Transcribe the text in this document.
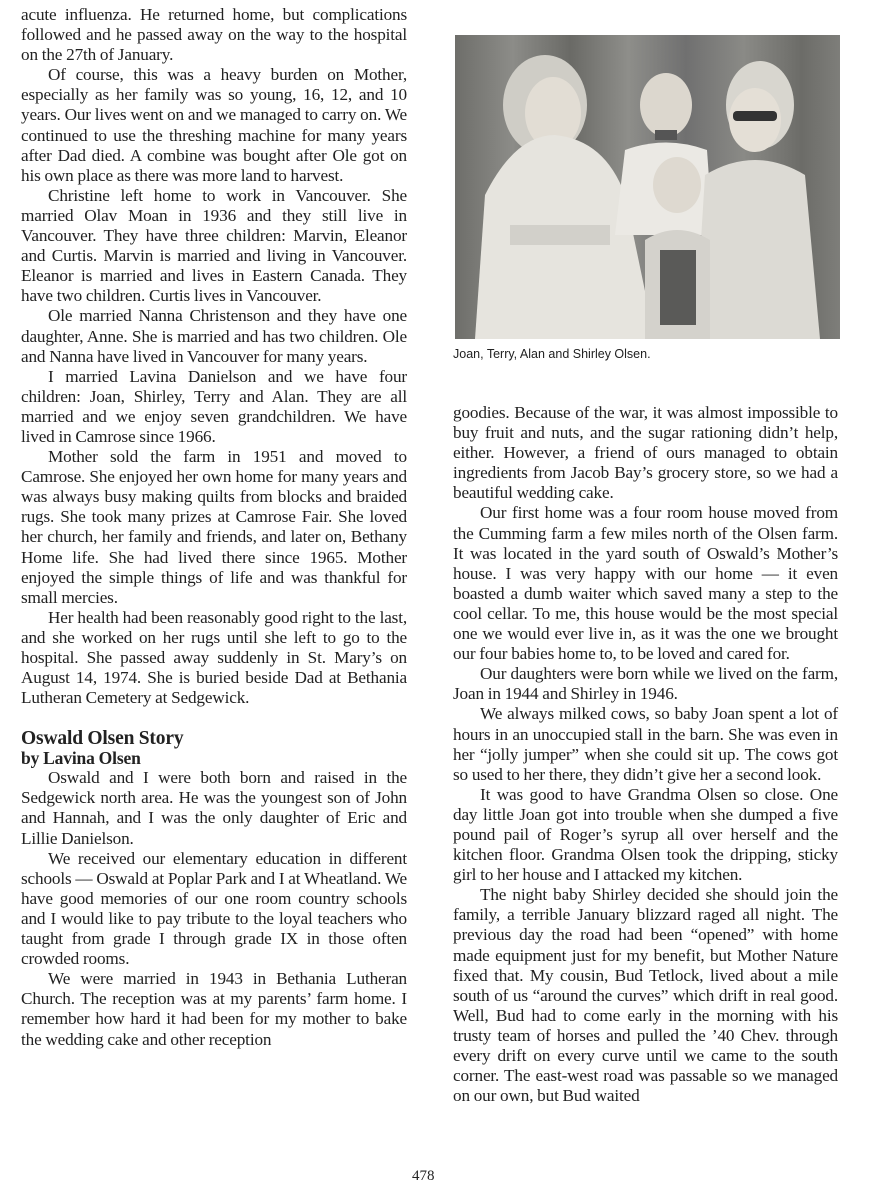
acute influenza. He returned home, but complications followed and he passed away on the way to the hospital on the 27th of January.

Of course, this was a heavy burden on Mother, especially as her family was so young, 16, 12, and 10 years. Our lives went on and we managed to carry on. We continued to use the threshing machine for many years after Dad died. A combine was bought after Ole got on his own place as there was more land to harvest.

Christine left home to work in Vancouver. She married Olav Moan in 1936 and they still live in Vancouver. They have three children: Marvin, Eleanor and Curtis. Marvin is married and living in Vancouver. Eleanor is married and lives in Eastern Canada. They have two children. Curtis lives in Vancouver.

Ole married Nanna Christenson and they have one daughter, Anne. She is married and has two children. Ole and Nanna have lived in Vancouver for many years.

I married Lavina Danielson and we have four children: Joan, Shirley, Terry and Alan. They are all married and we enjoy seven grandchildren. We have lived in Camrose since 1966.

Mother sold the farm in 1951 and moved to Camrose. She enjoyed her own home for many years and was always busy making quilts from blocks and braided rugs. She took many prizes at Camrose Fair. She loved her church, her family and friends, and later on, Bethany Home life. She had lived there since 1965. Mother enjoyed the simple things of life and was thankful for small mercies.

Her health had been reasonably good right to the last, and she worked on her rugs until she left to go to the hospital. She passed away suddenly in St. Mary’s on August 14, 1974. She is buried beside Dad at Bethania Lutheran Cemetery at Sedgewick.

Oswald Olsen Story
by Lavina Olsen

Oswald and I were both born and raised in the Sedgewick north area. He was the youngest son of John and Hannah, and I was the only daughter of Eric and Lillie Danielson.

We received our elementary education in different schools — Oswald at Poplar Park and I at Wheatland. We have good memories of our one room country schools and I would like to pay tribute to the loyal teachers who taught from grade I through grade IX in those often crowded rooms.

We were married in 1943 in Bethania Lutheran Church. The reception was at my parents’ farm home. I remember how hard it had been for my mother to bake the wedding cake and other reception

Joan, Terry, Alan and Shirley Olsen.

goodies. Because of the war, it was almost impossible to buy fruit and nuts, and the sugar rationing didn’t help, either. However, a friend of ours managed to obtain ingredients from Jacob Bay’s grocery store, so we had a beautiful wedding cake.

Our first home was a four room house moved from the Cumming farm a few miles north of the Olsen farm. It was located in the yard south of Oswald’s Mother’s house. I was very happy with our home — it even boasted a dumb waiter which saved many a step to the cool cellar. To me, this house would be the most special one we would ever live in, as it was the one we brought our four babies home to, to be loved and cared for.

Our daughters were born while we lived on the farm, Joan in 1944 and Shirley in 1946.

We always milked cows, so baby Joan spent a lot of hours in an unoccupied stall in the barn. She was even in her “jolly jumper” when she could sit up. The cows got so used to her there, they didn’t give her a second look.

It was good to have Grandma Olsen so close. One day little Joan got into trouble when she dumped a five pound pail of Roger’s syrup all over herself and the kitchen floor. Grandma Olsen took the dripping, sticky girl to her house and I attacked my kitchen.

The night baby Shirley decided she should join the family, a terrible January blizzard raged all night. The previous day the road had been “opened” with home made equipment just for my benefit, but Mother Nature fixed that. My cousin, Bud Tetlock, lived about a mile south of us “around the curves” which drift in real good. Well, Bud had to come early in the morning with his trusty team of horses and pulled the ’40 Chev. through every drift on every curve until we came to the south corner. The east-west road was passable so we managed on our own, but Bud waited

478
